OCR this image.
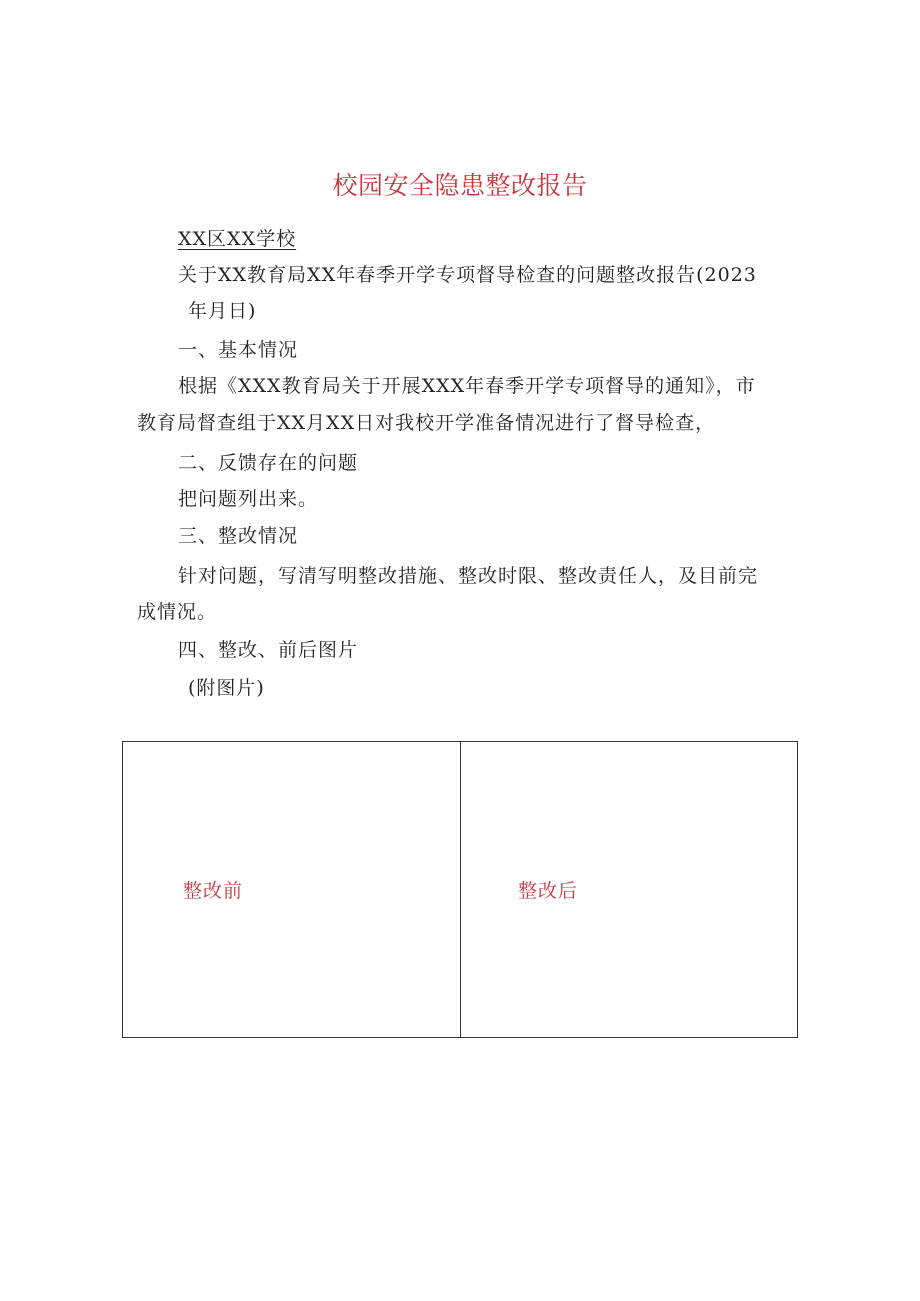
校园安全隐患整改报告
XX区XX学校
关于XX教育局XX年春季开学专项督导检查的问题整改报告(2023
年月日)
一、基本情况
根据《XXX教育局关于开展XXX年春季开学专项督导的通知》，市
教育局督查组于XX月XX日对我校开学准备情况进行了督导检查，
二、反馈存在的问题
把问题列出来。
三、整改情况
针对问题，写清写明整改措施、整改时限、整改责任人，及目前完
成情况。
四、整改、前后图片
(附图片)
整改前	整改后
